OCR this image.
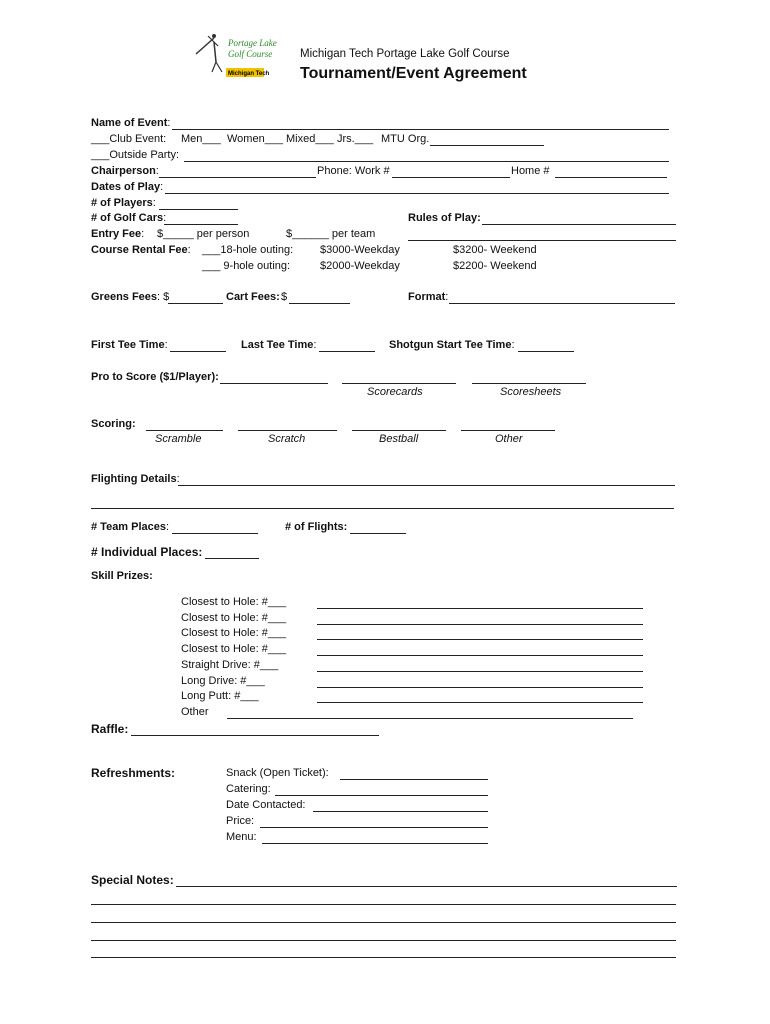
Portage Lake
Golf Course
Michigan Tech
Michigan Tech Portage Lake Golf Course
Tournament/Event Agreement
Name of Event:
___Club Event: Men___ Women___ Mixed___ Jrs.___ MTU Org.
___Outside Party:
Chairperson:	Phone: Work #	Home #
Dates of Play:
# of Players:
# of Golf Cars:	Rules of Play:
Entry Fee: $_____ per person	$______ per team
Course Rental Fee: ___18-hole outing: $3000-Weekday	$3200- Weekend
___ 9-hole outing:	$2000-Weekday	$2200- Weekend
Greens Fees: $	Cart Fees: $	Format:
First Tee Time:	Last Tee Time:	Shotgun Start Tee Time:
Pro to Score ($1/Player):
Scorecards	Scoresheets
Scoring:
Scramble	Scratch	Bestball	Other
Flighting Details:
# Team Places:	# of Flights:
# Individual Places:
Skill Prizes:
Closest to Hole: #___
Closest to Hole: #___
Closest to Hole: #___
Closest to Hole: #___
Straight Drive: #___
Long Drive: #___
Long Putt: #___
Other
Raffle:
Refreshments:	Snack (Open Ticket):
Catering:
Date Contacted:
Price:
Menu:
Special Notes:
